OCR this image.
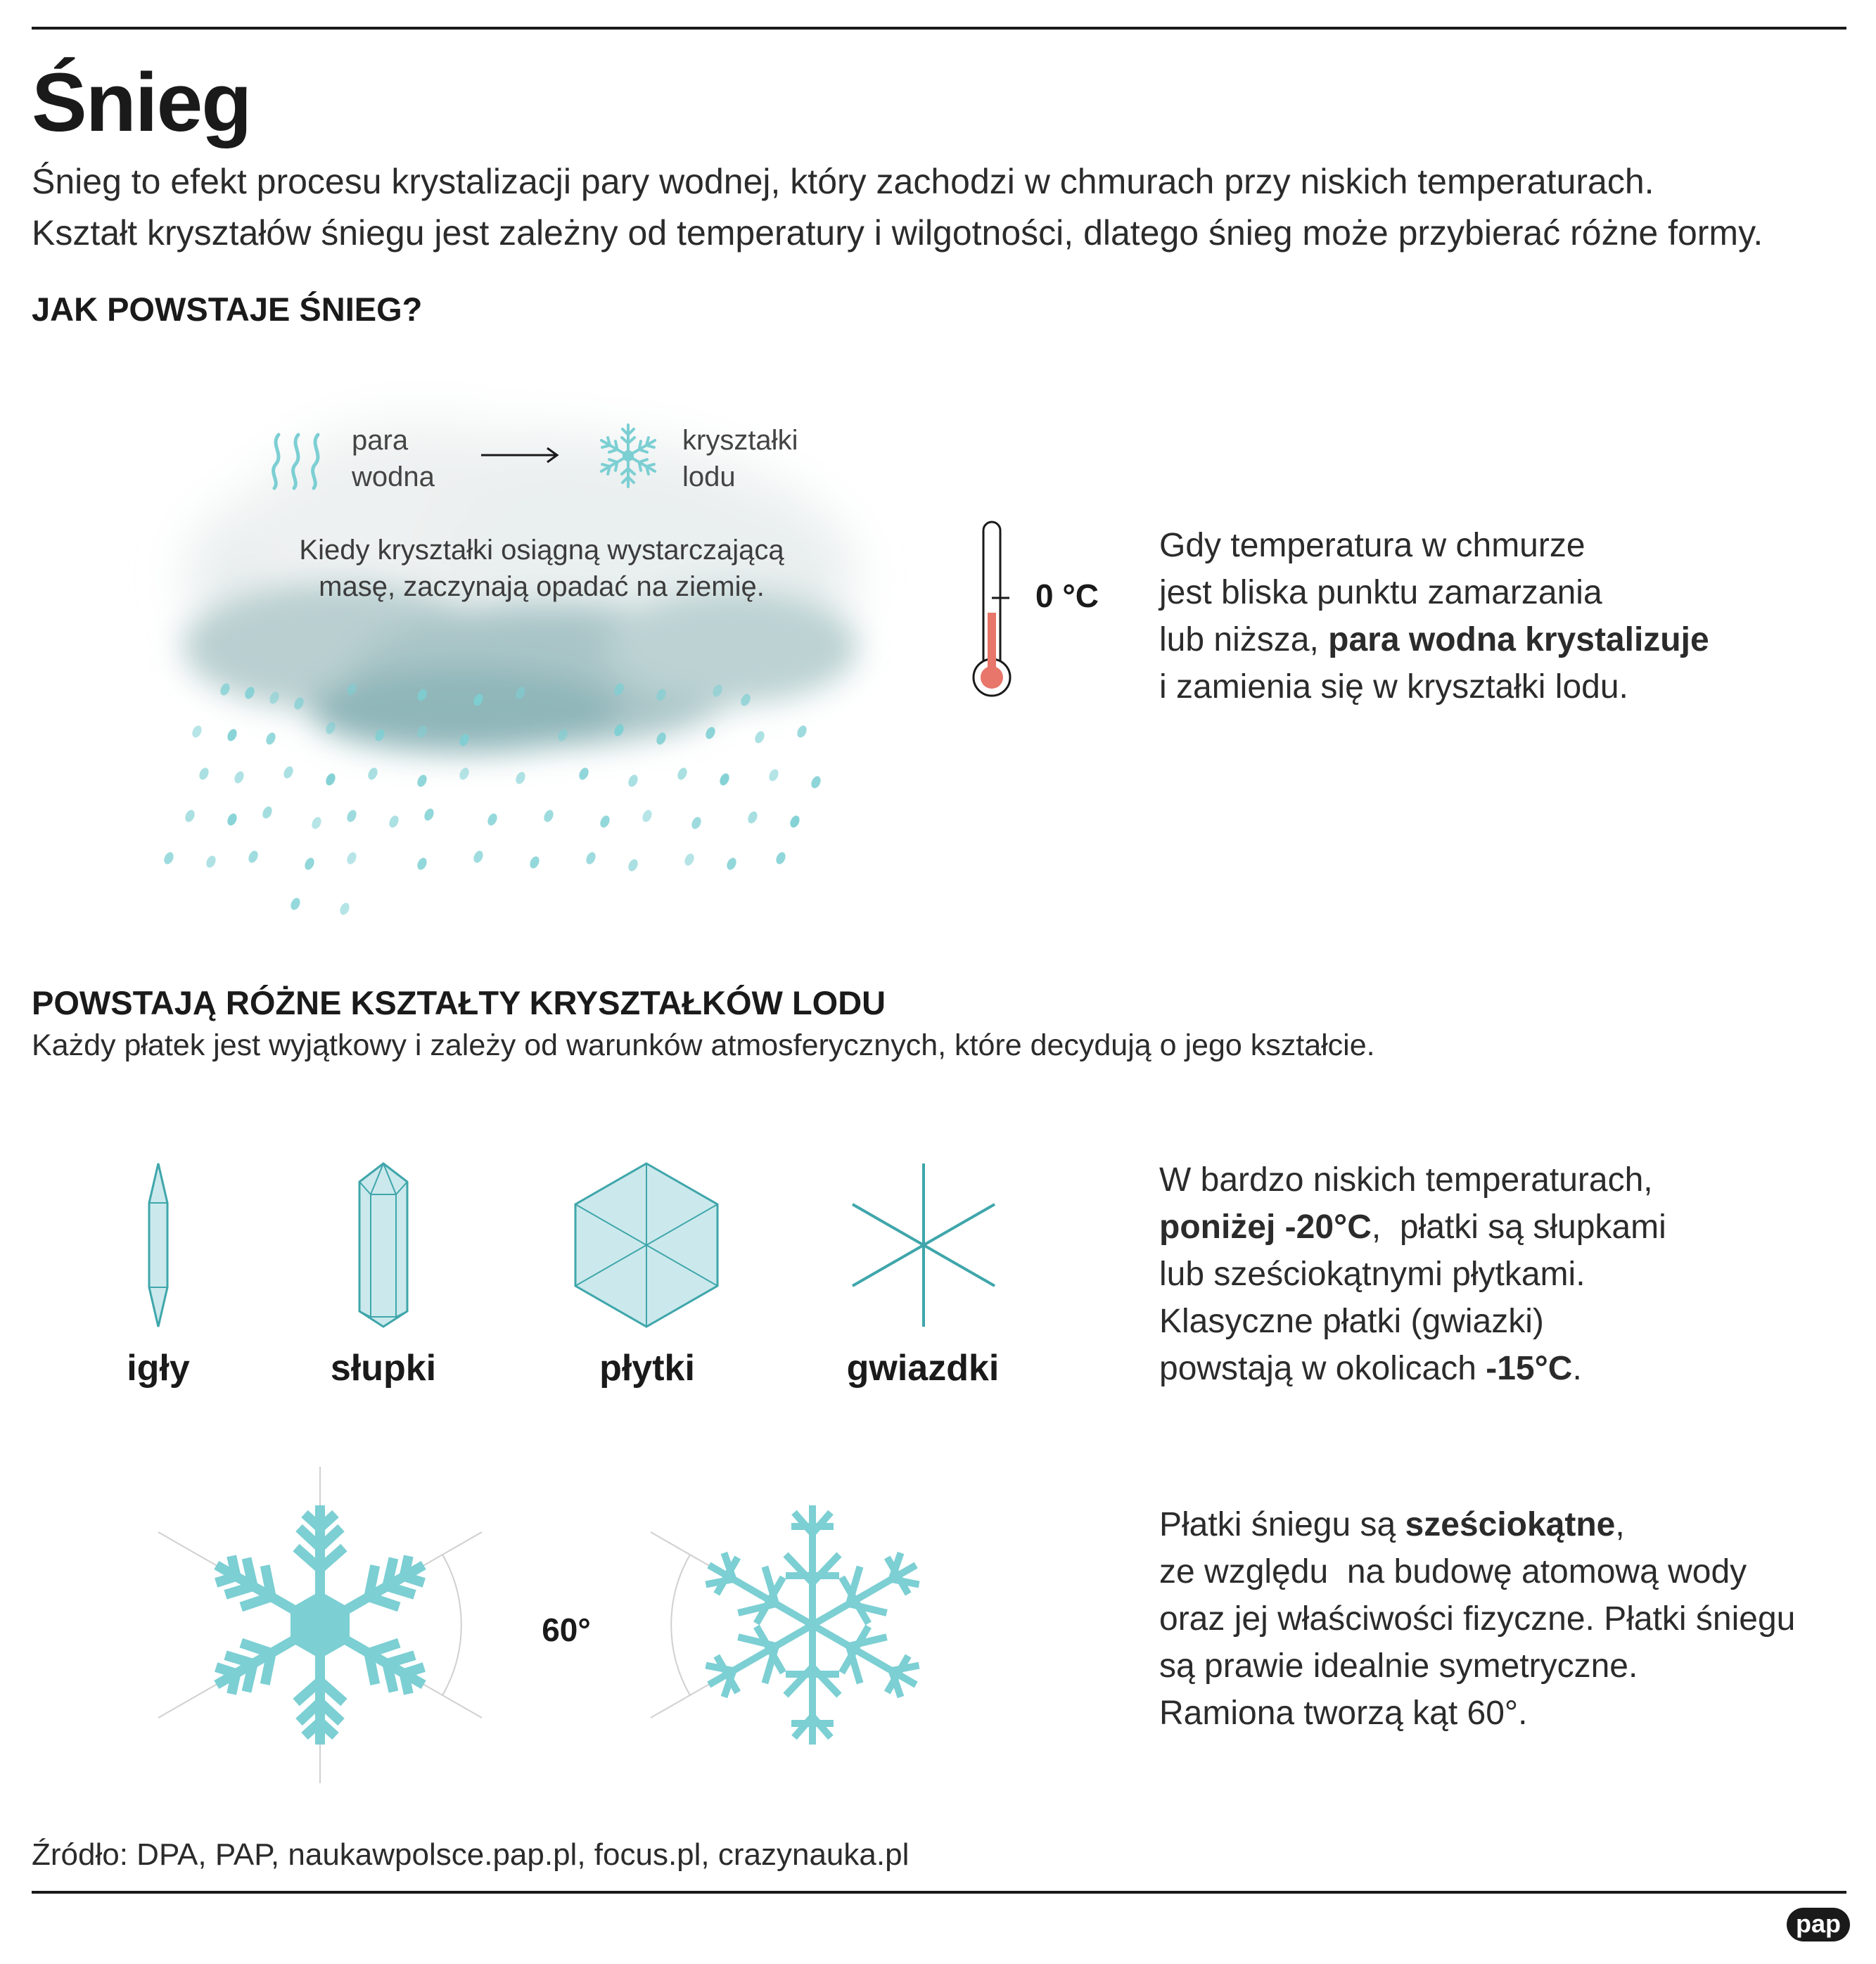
Śnieg
Śnieg to efekt procesu krystalizacji pary wodnej, który zachodzi w chmurach przy niskich temperaturach.
Kształt kryształów śniegu jest zależny od temperatury i wilgotności, dlatego śnieg może przybierać różne formy.
JAK POWSTAJE ŚNIEG?
para
wodna
kryształki
lodu
Kiedy kryształki osiągną wystarczającą
masę, zaczynają opadać na ziemię.	0 °C
Gdy temperatura w chmurze
jest bliska punktu zamarzania
lub niższa, para wodna krystalizuje
i zamienia się w kryształki lodu.
POWSTAJĄ RÓŻNE KSZTAŁTY KRYSZTAŁKÓW LODU
Każdy płatek jest wyjątkowy i zależy od warunków atmosferycznych, które decydują o jego kształcie.
igły	słupki	płytki	gwiazdki
W bardzo niskich temperaturach,
poniżej -20°C,  płatki są słupkami
lub sześciokątnymi płytkami.
Klasyczne płatki (gwiazki)
powstają w okolicach -15°C.
60°
Płatki śniegu są sześciokątne,
ze względu  na budowę atomową wody
oraz jej właściwości fizyczne. Płatki śniegu
są prawie idealnie symetryczne.
Ramiona tworzą kąt 60°.
Źródło: DPA, PAP, naukawpolsce.pap.pl, focus.pl, crazynauka.pl
pap
